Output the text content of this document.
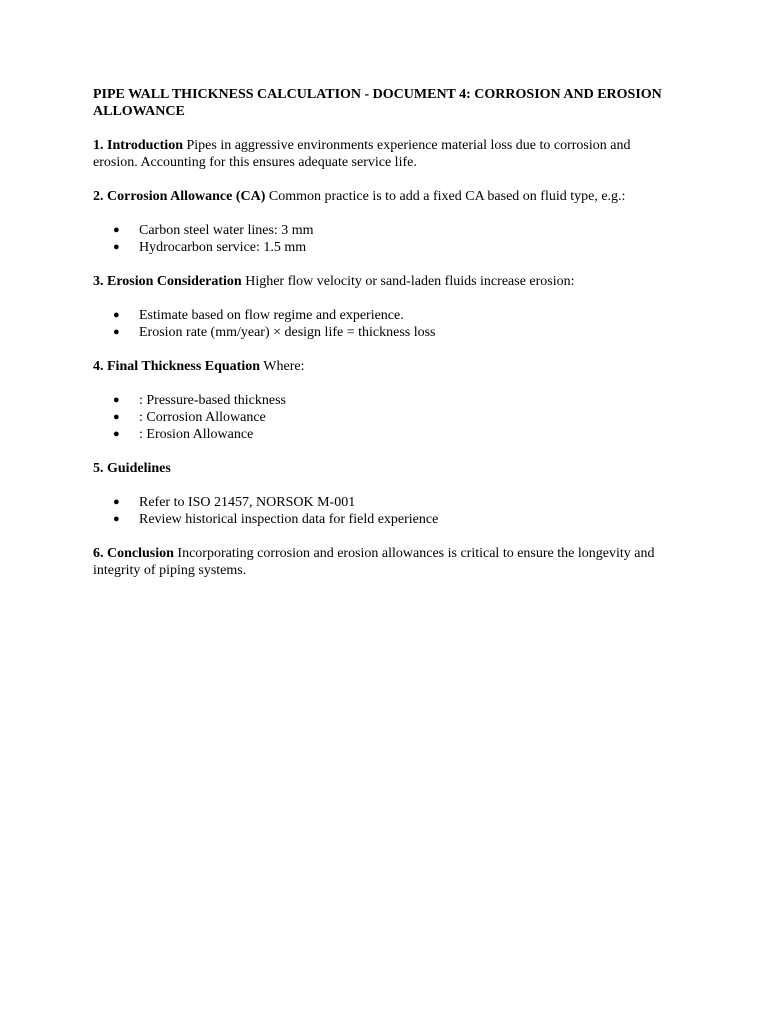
PIPE WALL THICKNESS CALCULATION - DOCUMENT 4: CORROSION AND EROSION ALLOWANCE
1. Introduction Pipes in aggressive environments experience material loss due to corrosion and erosion. Accounting for this ensures adequate service life.
2. Corrosion Allowance (CA) Common practice is to add a fixed CA based on fluid type, e.g.:
● Carbon steel water lines: 3 mm
● Hydrocarbon service: 1.5 mm
3. Erosion Consideration Higher flow velocity or sand-laden fluids increase erosion:
● Estimate based on flow regime and experience.
● Erosion rate (mm/year) × design life = thickness loss
4. Final Thickness Equation Where:
● : Pressure-based thickness
● : Corrosion Allowance
● : Erosion Allowance
5. Guidelines
● Refer to ISO 21457, NORSOK M-001
● Review historical inspection data for field experience
6. Conclusion Incorporating corrosion and erosion allowances is critical to ensure the longevity and integrity of piping systems.
